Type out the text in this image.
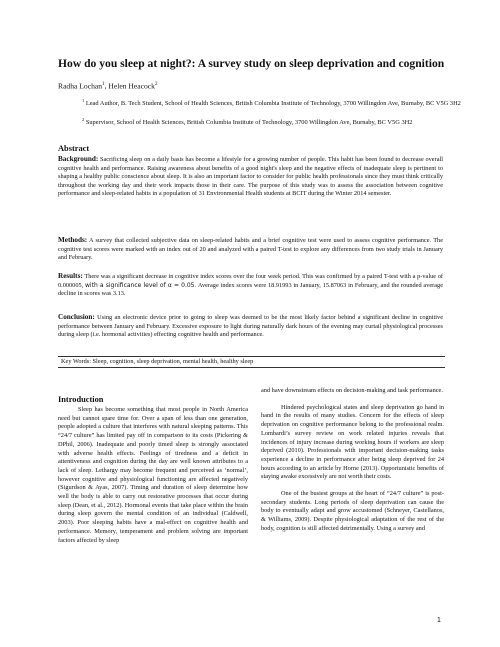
How do you sleep at night?: A survey study on sleep deprivation and cognition
Radha Lochan$^1$, Helen Heacock$^2$
$^1$ Lead Author, B. Tech Student, School of Health Sciences, British Columbia Institute of Technology, 3700 Willingdon Ave, Burnaby, BC V5G 3H2
$^2$ Supervisor, School of Health Sciences, British Columbia Institute of Technology, 3700 Willingdon Ave, Burnaby, BC V5G 3H2
Abstract
Background: Sacrificing sleep on a daily basis has become a lifestyle for a growing number of people. This habit has been found to decrease overall cognitive health and performance. Raising awareness about benefits of a good night's sleep and the negative effects of inadequate sleep is pertinent to shaping a healthy public conscience about sleep. It is also an important factor to consider for public health professionals since they must think critically throughout the working day and their work impacts those in their care. The purpose of this study was to assess the association between cognitive performance and sleep-related habits in a population of 31 Environmental Health students at BCIT during the Winter 2014 semester.
Methods: A survey that collected subjective data on sleep-related habits and a brief cognitive test were used to assess cognitive performance. The cognitive test scores were marked with an index out of 20 and analyzed with a paired T-test to explore any differences from two study trials in January and February.
Results: There was a significant decrease in cognitive index scores over the four week period. This was confirmed by a paired T-test with a p-value of 0.000005, with a significance level of α = 0.05. Average index scores were 18.91993 in January, 15.87063 in February, and the rounded average decline in scores was 3.13.
Conclusion: Using an electronic device prior to going to sleep was deemed to be the most likely factor behind a significant decline in cognitive performance between January and February. Excessive exposure to light during naturally dark hours of the evening may curtail physiological processes during sleep (i.e. hormonal activities) effecting cognitive health and performance.
Key Words: Sleep, cognition, sleep deprivation, mental health, healthy sleep
Introduction

Sleep has become something that most people in North America need but cannot spare time for. Over a span of less than one generation, people adopted a culture that interferes with natural sleeping patterns. This “24/7 culture” has limited pay off in comparison to its costs (Pickering & DPhil, 2006). Inadequate and poorly timed sleep is strongly associated with adverse health effects. Feelings of tiredness and a deficit in attentiveness and cognition during the day are well known attributes to a lack of sleep. Lethargy may become frequent and perceived as ‘normal’, however cognitive and physiological functioning are affected negatively (Sigurdson & Ayas, 2007). Timing and duration of sleep determine how well the body is able to carry out restorative processes that occur during sleep (Dean, et al., 2012). Hormonal events that take place within the brain during sleep govern the mental condition of an individual (Caldwell, 2003). Poor sleeping habits have a mal-effect on cognitive health and performance. Memory, temperament and problem solving are important factors affected by sleep

and have downstream effects on decision-making and task performance.

Hindered psychological states and sleep deprivation go hand in hand in the results of many studies. Concern for the effects of sleep deprivation on cognitive performance belong to the professional realm. Lombardi’s survey review on work related injuries reveals that incidences of injury increase during working hours if workers are sleep deprived (2010). Professionals with important decision-making tasks experience a decline in performance after being sleep deprived for 24 hours according to an article by Horne (2013). Opportunistic benefits of staying awake excessively are not worth their costs.

One of the busiest groups at the heart of “24/7 culture” is post-secondary students. Long periods of sleep deprivation can cause the body to eventually adapt and grow accustomed (Schneyer, Castellanos, & Williams, 2009). Despite physiological adaptation of the rest of the body, cognition is still affected detrimentally. Using a survey and

1
